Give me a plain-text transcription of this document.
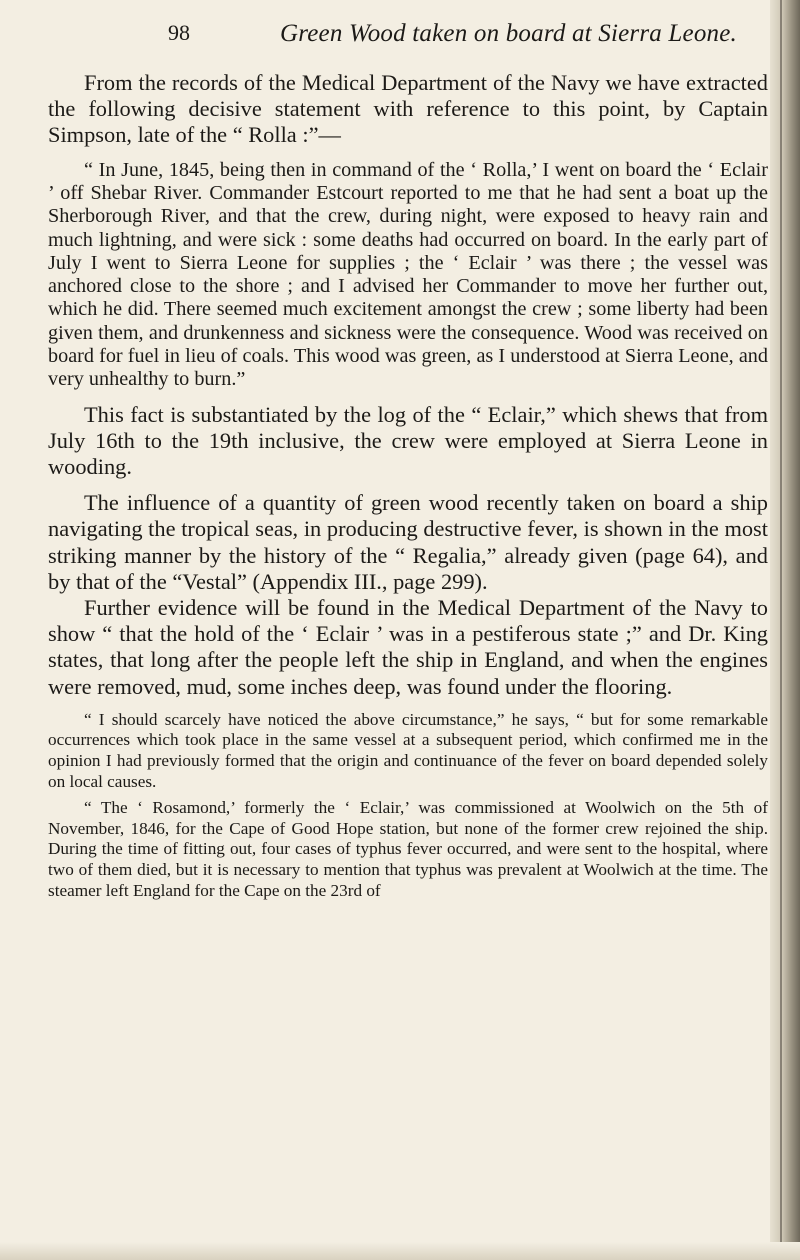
98	Green Wood taken on board at Sierra Leone.

From the records of the Medical Department of the Navy we have extracted the following decisive statement with reference to this point, by Captain Simpson, late of the “ Rolla :”—

“ In June, 1845, being then in command of the ‘ Rolla,’ I went on board the ‘ Eclair ’ off Shebar River. Commander Estcourt reported to me that he had sent a boat up the Sherborough River, and that the crew, during night, were exposed to heavy rain and much lightning, and were sick : some deaths had occurred on board. In the early part of July I went to Sierra Leone for supplies ; the ‘ Eclair ’ was there ; the vessel was anchored close to the shore ; and I advised her Commander to move her further out, which he did. There seemed much excitement amongst the crew ; some liberty had been given them, and drunkenness and sickness were the consequence. Wood was received on board for fuel in lieu of coals. This wood was green, as I understood at Sierra Leone, and very unhealthy to burn.”

This fact is substantiated by the log of the “ Eclair,” which shews that from July 16th to the 19th inclusive, the crew were employed at Sierra Leone in wooding.

The influence of a quantity of green wood recently taken on board a ship navigating the tropical seas, in producing destructive fever, is shown in the most striking manner by the history of the “ Regalia,” already given (page 64), and by that of the “Vestal” (Appendix III., page 299).

Further evidence will be found in the Medical Department of the Navy to show “ that the hold of the ‘ Eclair ’ was in a pestiferous state ;” and Dr. King states, that long after the people left the ship in England, and when the engines were removed, mud, some inches deep, was found under the flooring.

“ I should scarcely have noticed the above circumstance,” he says, “ but for some remarkable occurrences which took place in the same vessel at a subsequent period, which confirmed me in the opinion I had previously formed that the origin and continuance of the fever on board depended solely on local causes.

“ The ‘ Rosamond,’ formerly the ‘ Eclair,’ was commissioned at Woolwich on the 5th of November, 1846, for the Cape of Good Hope station, but none of the former crew rejoined the ship. During the time of fitting out, four cases of typhus fever occurred, and were sent to the hospital, where two of them died, but it is necessary to mention that typhus was prevalent at Woolwich at the time. The steamer left England for the Cape on the 23rd of
